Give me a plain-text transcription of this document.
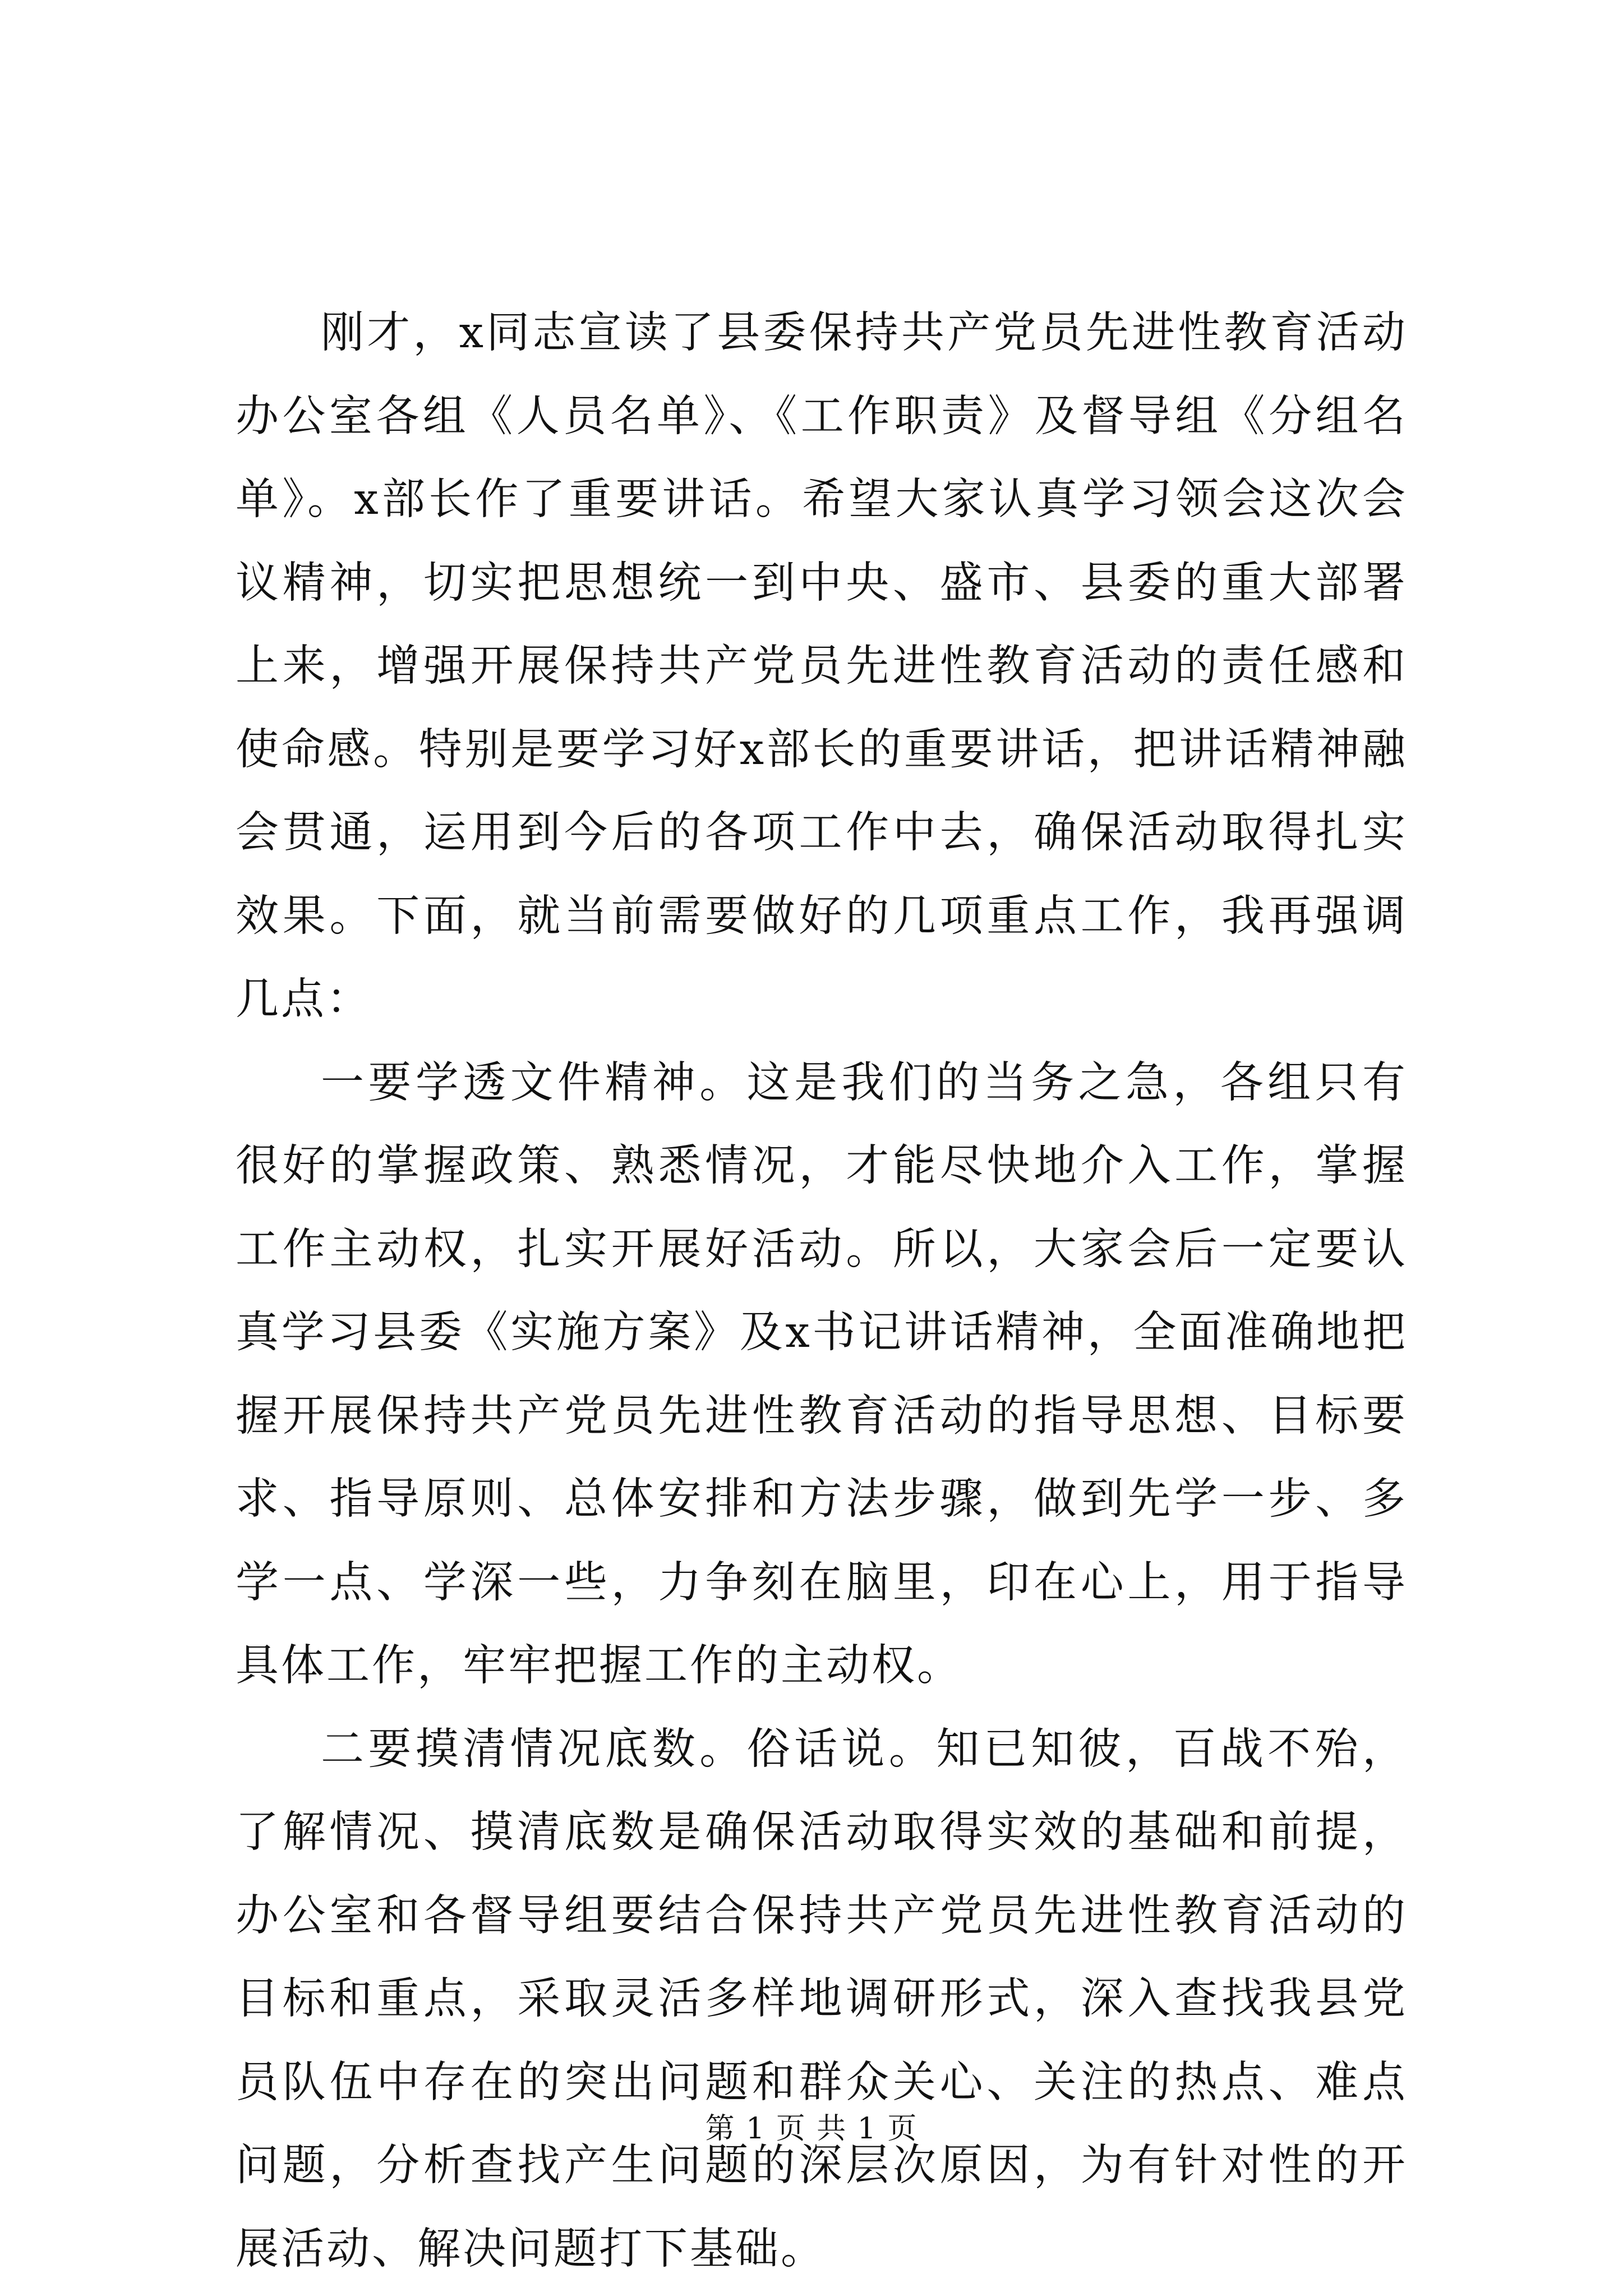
刚才，x同志宣读了县委保持共产党员先进性教育活动办公室各组《人员名单》、《工作职责》及督导组《分组名单》。x部长作了重要讲话。希望大家认真学习领会这次会议精神，切实把思想统一到中央、盛市、县委的重大部署上来，增强开展保持共产党员先进性教育活动的责任感和使命感。特别是要学习好x部长的重要讲话，把讲话精神融会贯通，运用到今后的各项工作中去，确保活动取得扎实效果。下面，就当前需要做好的几项重点工作，我再强调几点：

一要学透文件精神。这是我们的当务之急，各组只有很好的掌握政策、熟悉情况，才能尽快地介入工作，掌握工作主动权，扎实开展好活动。所以，大家会后一定要认真学习县委《实施方案》及x书记讲话精神，全面准确地把握开展保持共产党员先进性教育活动的指导思想、目标要求、指导原则、总体安排和方法步骤，做到先学一步、多学一点、学深一些，力争刻在脑里，印在心上，用于指导具体工作，牢牢把握工作的主动权。

二要摸清情况底数。俗话说。知已知彼，百战不殆，了解情况、摸清底数是确保活动取得实效的基础和前提，办公室和各督导组要结合保持共产党员先进性教育活动的目标和重点，采取灵活多样地调研形式，深入查找我县党员队伍中存在的突出问题和群众关心、关注的热点、难点问题，分析查找产生问题的深层次原因，为有针对性的开展活动、解决问题打下基础。

第 1 页 共 1 页
